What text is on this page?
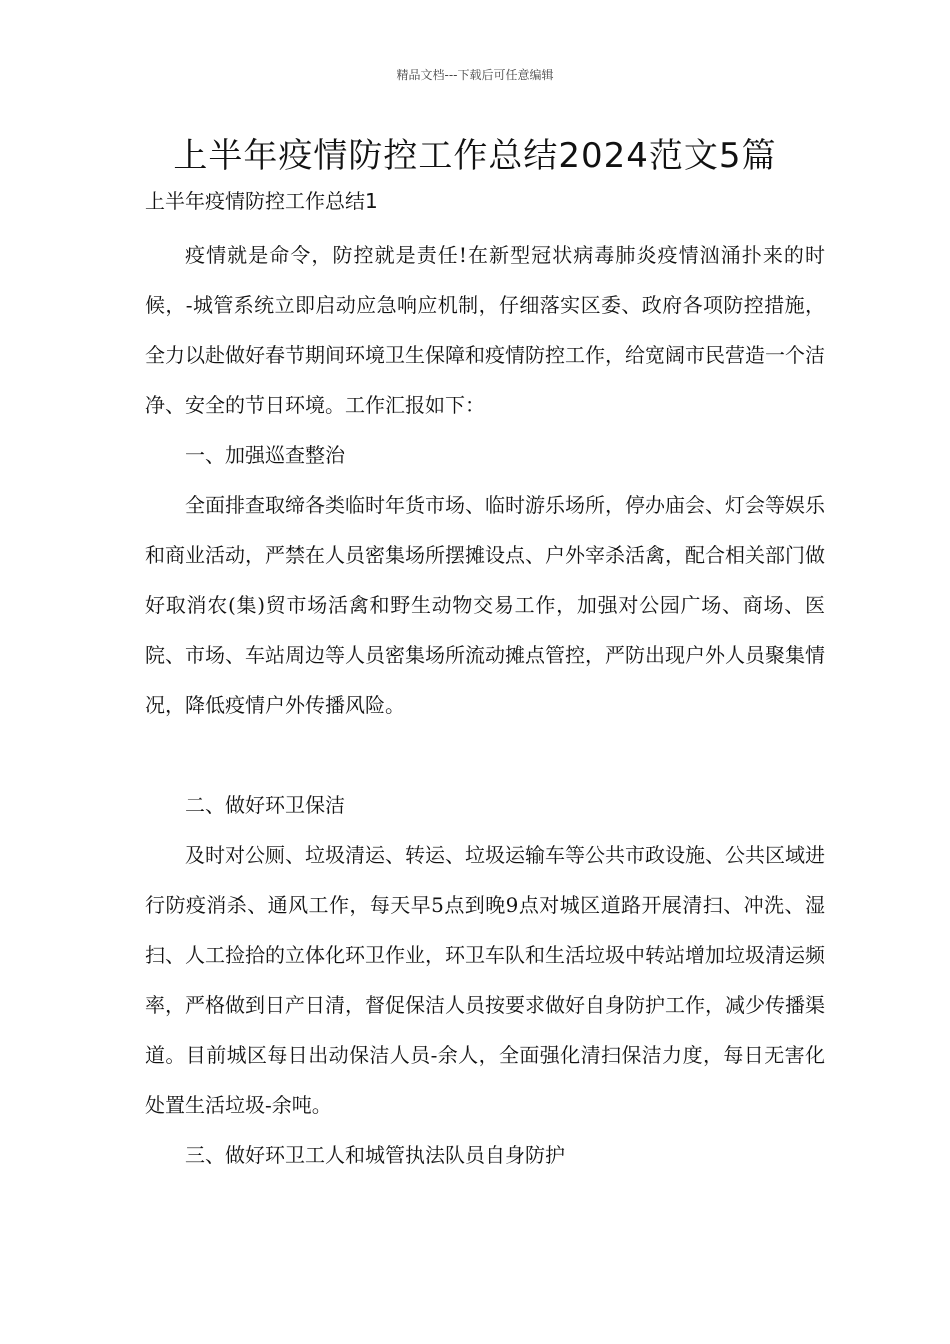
精品文档---下载后可任意编辑
上半年疫情防控工作总结2024范文5篇
上半年疫情防控工作总结1

疫情就是命令，防控就是责任!在新型冠状病毒肺炎疫情汹涌扑来的时候，-城管系统立即启动应急响应机制，仔细落实区委、政府各项防控措施，全力以赴做好春节期间环境卫生保障和疫情防控工作，给宽阔市民营造一个洁净、安全的节日环境。工作汇报如下：

一、加强巡查整治

全面排查取缔各类临时年货市场、临时游乐场所，停办庙会、灯会等娱乐和商业活动，严禁在人员密集场所摆摊设点、户外宰杀活禽，配合相关部门做好取消农(集)贸市场活禽和野生动物交易工作，加强对公园广场、商场、医院、市场、车站周边等人员密集场所流动摊点管控，严防出现户外人员聚集情况，降低疫情户外传播风险。

二、做好环卫保洁

及时对公厕、垃圾清运、转运、垃圾运输车等公共市政设施、公共区域进行防疫消杀、通风工作，每天早5点到晚9点对城区道路开展清扫、冲洗、湿扫、人工捡拾的立体化环卫作业，环卫车队和生活垃圾中转站增加垃圾清运频率，严格做到日产日清，督促保洁人员按要求做好自身防护工作，减少传播渠道。目前城区每日出动保洁人员-余人，全面强化清扫保洁力度，每日无害化处置生活垃圾-余吨。

三、做好环卫工人和城管执法队员自身防护
